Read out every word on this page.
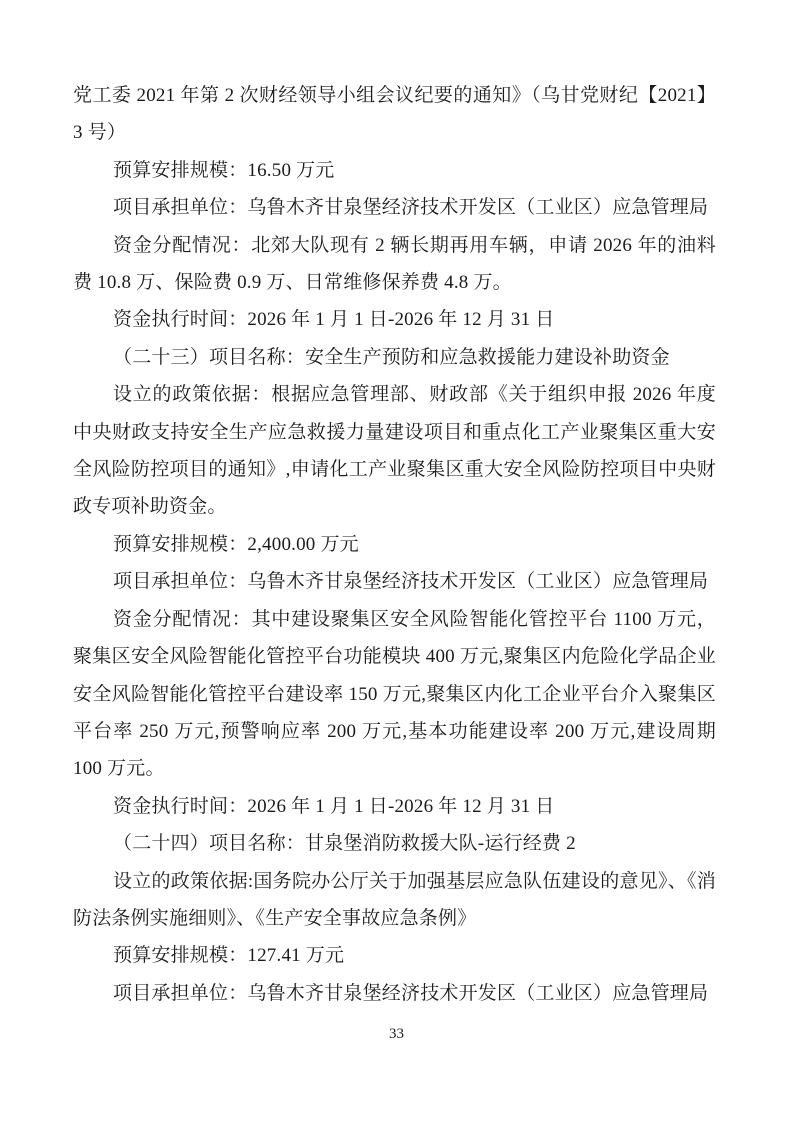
党工委 2021 年第 2 次财经领导小组会议纪要的通知》（乌甘党财纪【2021】3 号）

预算安排规模：16.50 万元

项目承担单位：乌鲁木齐甘泉堡经济技术开发区（工业区）应急管理局

资金分配情况：北郊大队现有 2 辆长期再用车辆，申请 2026 年的油料费 10.8 万、保险费 0.9 万、日常维修保养费 4.8 万。

资金执行时间：2026 年 1 月 1 日-2026 年 12 月 31 日

（二十三）项目名称：安全生产预防和应急救援能力建设补助资金

设立的政策依据：根据应急管理部、财政部《关于组织申报 2026 年度中央财政支持安全生产应急救援力量建设项目和重点化工产业聚集区重大安全风险防控项目的通知》,申请化工产业聚集区重大安全风险防控项目中央财政专项补助资金。

预算安排规模：2,400.00 万元

项目承担单位：乌鲁木齐甘泉堡经济技术开发区（工业区）应急管理局

资金分配情况：其中建设聚集区安全风险智能化管控平台 1100 万元，聚集区安全风险智能化管控平台功能模块 400 万元,聚集区内危险化学品企业安全风险智能化管控平台建设率 150 万元,聚集区内化工企业平台介入聚集区平台率 250 万元,预警响应率 200 万元,基本功能建设率 200 万元,建设周期 100 万元。

资金执行时间：2026 年 1 月 1 日-2026 年 12 月 31 日

（二十四）项目名称：甘泉堡消防救援大队-运行经费 2

设立的政策依据:国务院办公厅关于加强基层应急队伍建设的意见》、《消防法条例实施细则》、《生产安全事故应急条例》

预算安排规模：127.41 万元

项目承担单位：乌鲁木齐甘泉堡经济技术开发区（工业区）应急管理局

33
